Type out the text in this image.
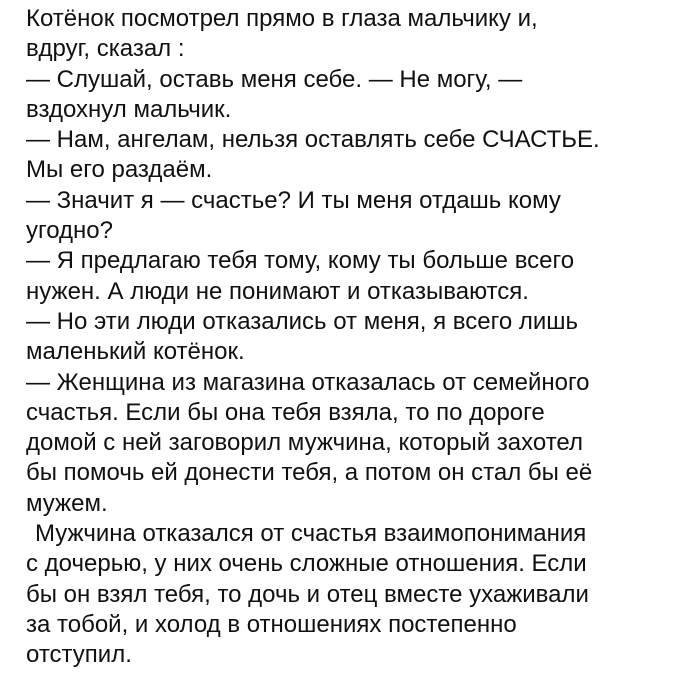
Котёнок посмотрел прямо в глаза мальчику и,
вдруг, сказал :
— Слушай, оставь меня себе. — Не могу, —
вздохнул мальчик.
— Нам, ангелам, нельзя оставлять себе СЧАСТЬЕ.
Мы его раздаём.
— Значит я — счастье? И ты меня отдашь кому
угодно?
— Я предлагаю тебя тому, кому ты больше всего
нужен. А люди не понимают и отказываются.
— Но эти люди отказались от меня, я всего лишь
маленький котёнок.
— Женщина из магазина отказалась от семейного
счастья. Если бы она тебя взяла, то по дороге
домой с ней заговорил мужчина, который захотел
бы помочь ей донести тебя, а потом он стал бы её
мужем.
Мужчина отказался от счастья взаимопонимания
с дочерью, у них очень сложные отношения. Если
бы он взял тебя, то дочь и отец вместе ухаживали
за тобой, и холод в отношениях постепенно
отступил.
